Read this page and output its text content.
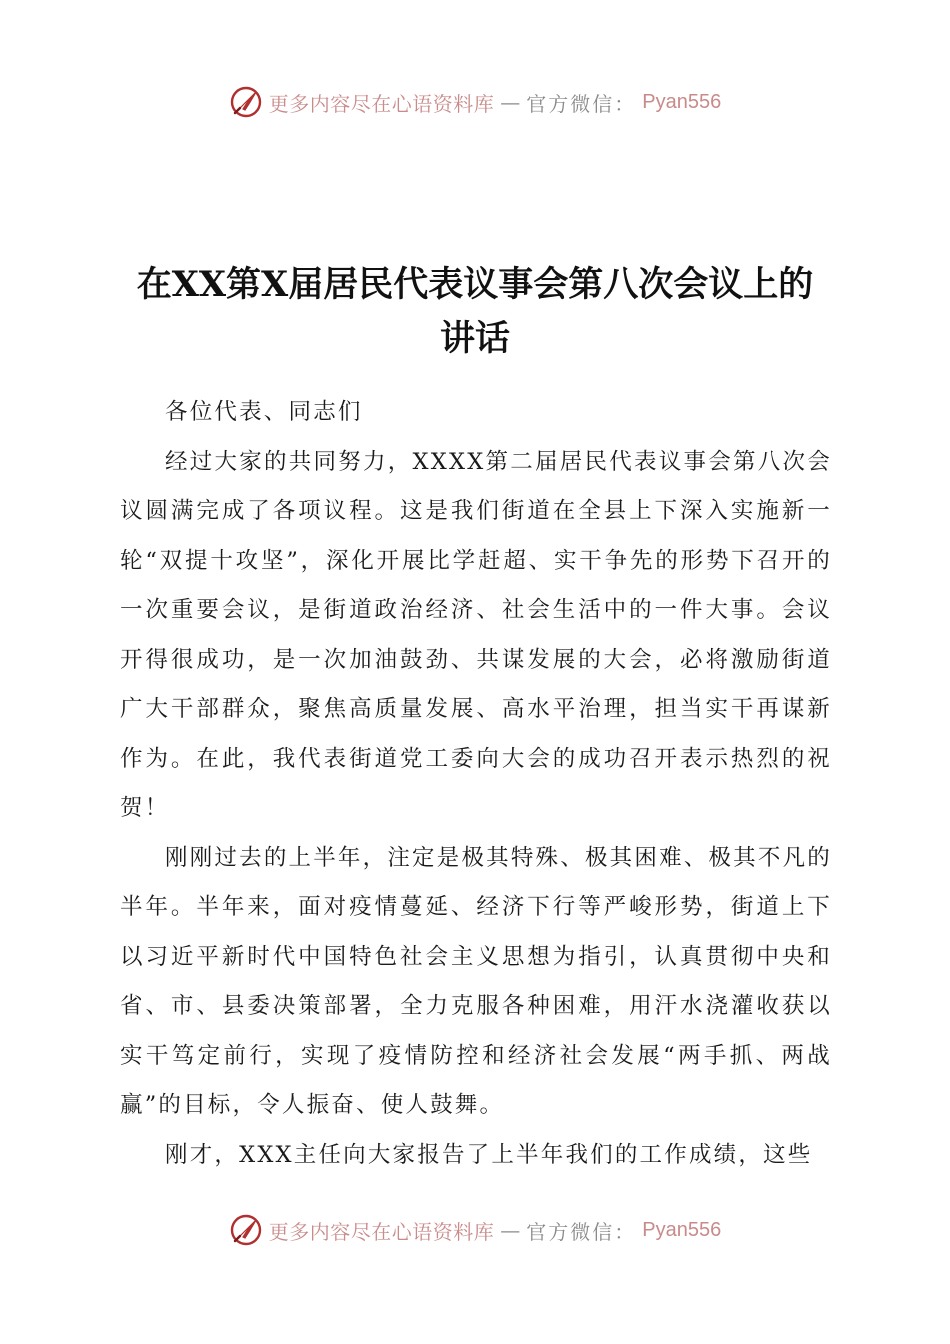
更多内容尽在心语资料库 — 官方微信： Pyan556
在XX第X届居民代表议事会第八次会议上的
讲话

各位代表、同志们

经过大家的共同努力，XXXX第二届居民代表议事会第八次会议圆满完成了各项议程。这是我们街道在全县上下深入实施新一轮“双提十攻坚”，深化开展比学赶超、实干争先的形势下召开的一次重要会议，是街道政治经济、社会生活中的一件大事。会议开得很成功，是一次加油鼓劲、共谋发展的大会，必将激励街道广大干部群众，聚焦高质量发展、高水平治理，担当实干再谋新作为。在此，我代表街道党工委向大会的成功召开表示热烈的祝贺！

刚刚过去的上半年，注定是极其特殊、极其困难、极其不凡的半年。半年来，面对疫情蔓延、经济下行等严峻形势，街道上下以习近平新时代中国特色社会主义思想为指引，认真贯彻中央和省、市、县委决策部署，全力克服各种困难，用汗水浇灌收获以实干笃定前行，实现了疫情防控和经济社会发展“两手抓、两战赢”的目标，令人振奋、使人鼓舞。

刚才，XXX主任向大家报告了上半年我们的工作成绩，这些

更多内容尽在心语资料库 — 官方微信： Pyan556
